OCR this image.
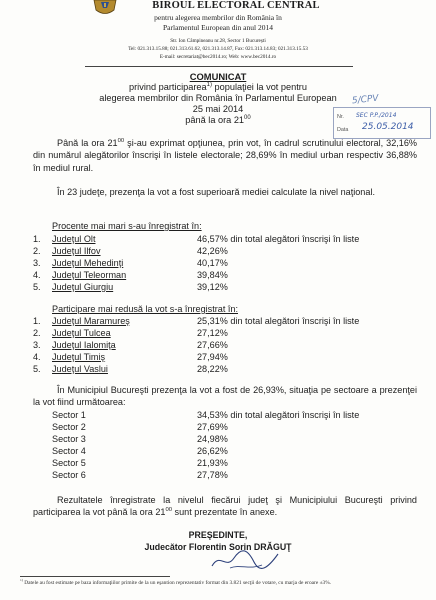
BIROUL ELECTORAL CENTRAL
pentru alegerea membrilor din România în
Parlamentul European din anul 2014
Str. Ion Câmpineanu nr.28, Sector 1 București
Tel: 021.313.15.88; 021.313.61.62, 021.313.14.87, Fax: 021.313.14.83; 021.313.15.53
E-mail: secretariat@bec2014.ro; Web: www.bec2014.ro
COMUNICAT
privind participarea$^{1)}$ populaţiei la vot pentru
alegerea membrilor din România în Parlamentul European
25 mai 2014
până la ora $21^{00}$
5/CPV
Nr. SEC P.P./2014
Data 25.05.2014
Până la ora $21^{00}$ şi-au exprimat opţiunea, prin vot, în cadrul scrutinului electoral, 32,16% din numărul alegătorilor înscrişi în listele electorale; 28,69% în mediul urban respectiv 36,88% în mediul rural.
În 23 judeţe, prezenţa la vot a fost superioară mediei calculate la nivel naţional.
Procente mai mari s-au înregistrat în:
1. Judeţul Olt	46,57% din total alegători înscrişi în liste
2. Judeţul Ilfov	42,26%
3. Judeţul Mehedinţi	40,17%
4. Judeţul Teleorman	39,84%
5. Judeţul Giurgiu	39,12%
Participare mai redusă la vot s-a înregistrat în:
1. Judeţul Maramureş	25,31% din total alegători înscrişi în liste
2. Judeţul Tulcea	27,12%
3. Judeţul Ialomiţa	27,66%
4. Judeţul Timiş	27,94%
5. Judeţul Vaslui	28,22%
În Municipiul Bucureşti prezenţa la vot a fost de 26,93%, situaţia pe sectoare a prezenţei la vot fiind următoarea:
Sector 1	34,53% din total alegători înscrişi în liste
Sector 2	27,69%
Sector 3	24,98%
Sector 4	26,62%
Sector 5	21,93%
Sector 6	27,78%
Rezultatele înregistrate la nivelul fiecărui judeţ şi Municipiului Bucureşti privind participarea la vot până la ora $21^{00}$ sunt prezentate în anexe.
PREŞEDINTE,
Judecător Florentin Sorin DRĂGUŢ
$^{1)}$ Datele au fost estimate pe baza informaţiilor primite de la un eşantion reprezentativ format din 3.821 secţii de votare, cu marja de eroare ±3%.
